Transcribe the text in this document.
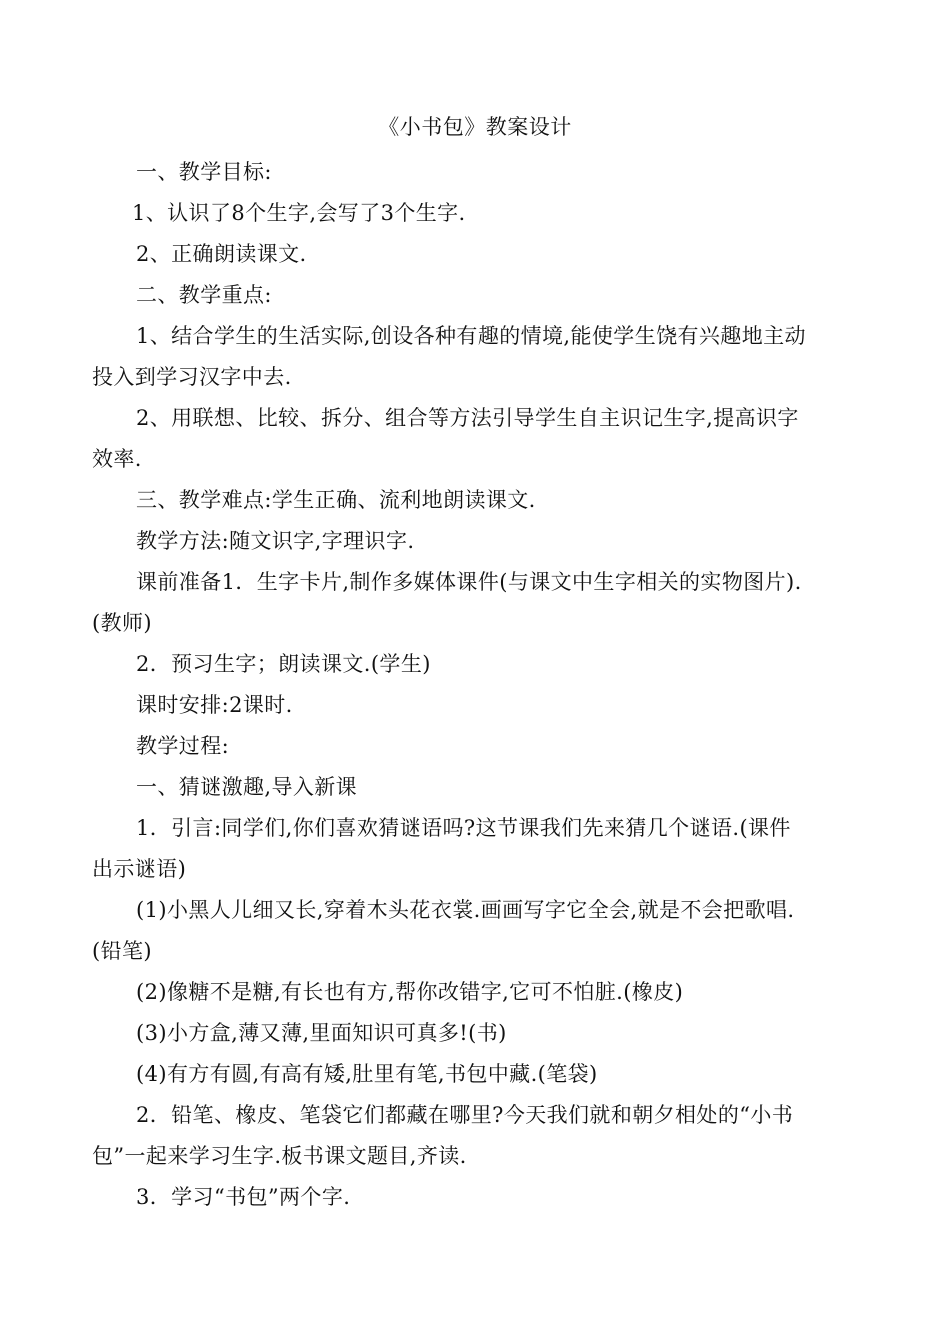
《小书包》教案设计

一、教学目标:

1、认识了8个生字,会写了3个生字.

2、正确朗读课文.

二、教学重点:

1、结合学生的生活实际,创设各种有趣的情境,能使学生饶有兴趣地主动投入到学习汉字中去.

2、用联想、比较、拆分、组合等方法引导学生自主识记生字,提高识字效率.

三、教学难点:学生正确、流利地朗读课文.

教学方法:随文识字,字理识字.

课前准备1．生字卡片,制作多媒体课件(与课文中生字相关的实物图片).(教师)

2．预习生字；朗读课文.(学生)

课时安排:2课时.

教学过程:

一、猜谜激趣,导入新课

1．引言:同学们,你们喜欢猜谜语吗?这节课我们先来猜几个谜语.(课件出示谜语)

(1)小黑人儿细又长,穿着木头花衣裳.画画写字它全会,就是不会把歌唱.(铅笔)

(2)像糖不是糖,有长也有方,帮你改错字,它可不怕脏.(橡皮)

(3)小方盒,薄又薄,里面知识可真多!(书)

(4)有方有圆,有高有矮,肚里有笔,书包中藏.(笔袋)

2．铅笔、橡皮、笔袋它们都藏在哪里?今天我们就和朝夕相处的“小书包”一起来学习生字.板书课文题目,齐读.

3．学习“书包”两个字.
